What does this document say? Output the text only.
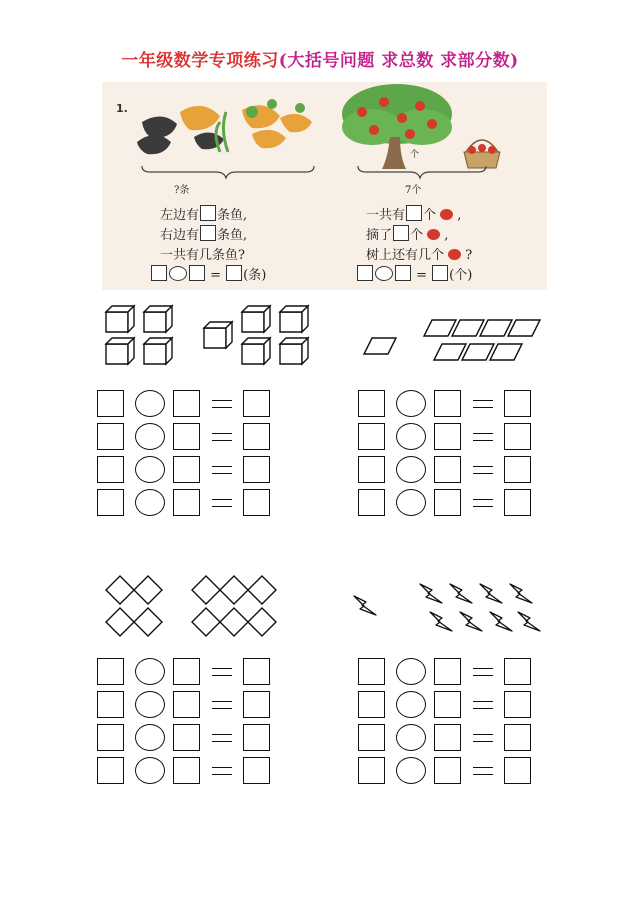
一年级数学专项练习(大括号问题 求总数 求部分数)
1.
?条
个
7个
左边有 条鱼,
右边有 条鱼,
一共有几条鱼?
= (条)
一共有 个  ,
摘了 个  ,
树上还有几个 ?
= (个)
